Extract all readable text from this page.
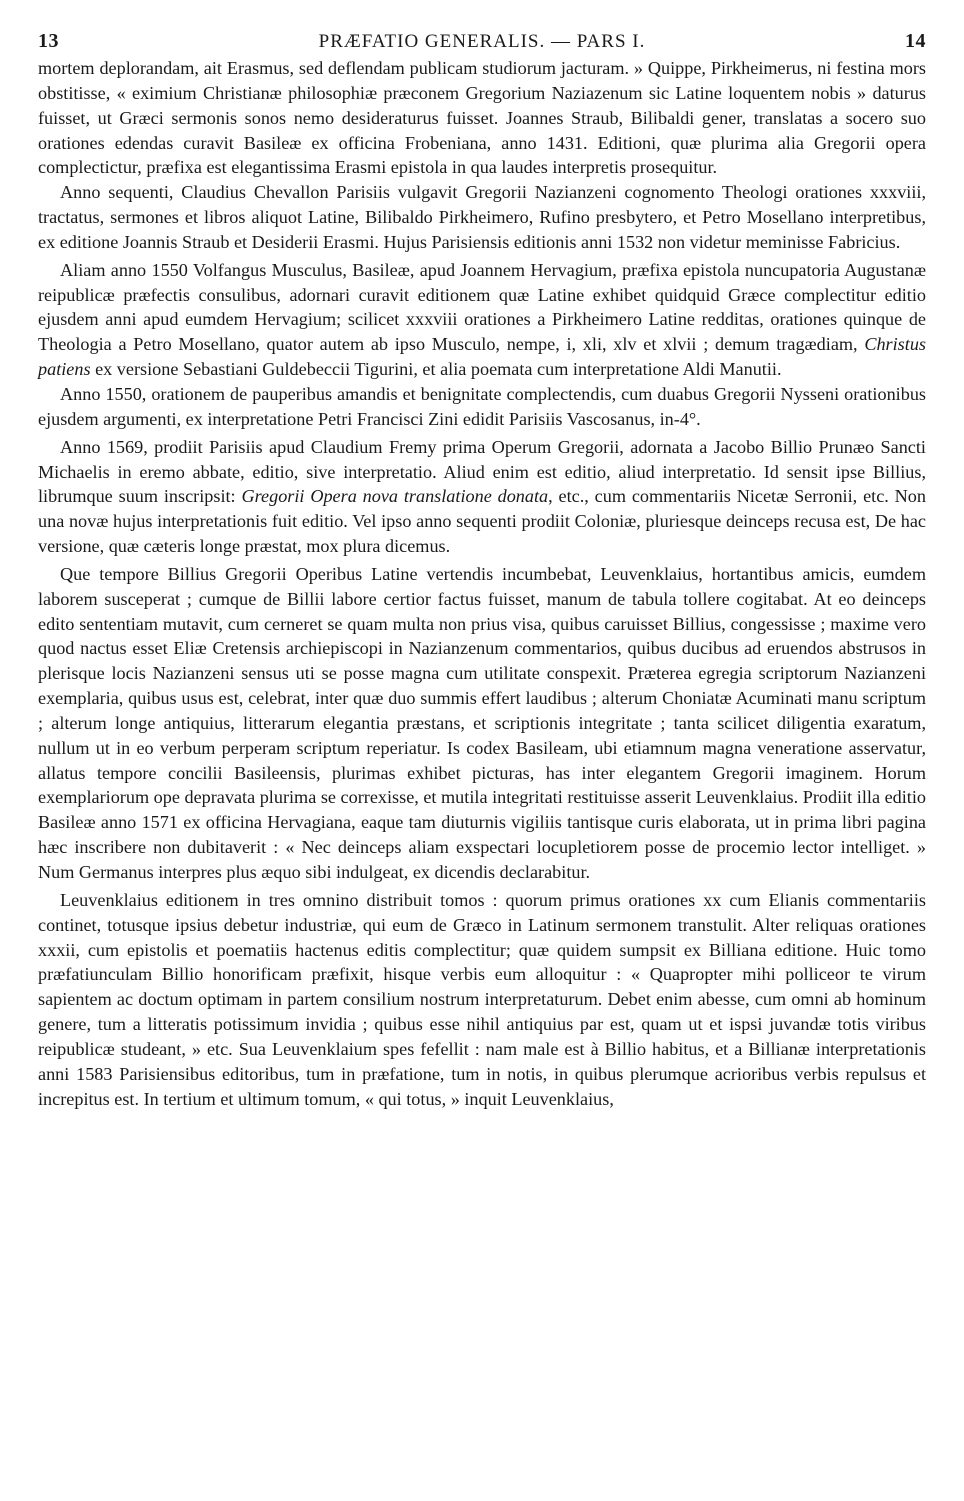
13	PRÆFATIO GENERALIS. — PARS I.	14

mortem deplorandam, ait Erasmus, sed deflendam publicam studiorum jacturam. » Quippe, Pirkheimerus, ni festina mors obstitisse, « eximium Christianæ philosophiæ præconem Gregorium Naziazenum sic Latine loquentem nobis » daturus fuisset, ut Græci sermonis sonos nemo desideraturus fuisset. Joannes Straub, Bilibaldi gener, translatas a socero suo orationes edendas curavit Basileæ ex officina Frobeniana, anno 1431. Editioni, quæ plurima alia Gregorii opera complectictur, præfixa est elegantissima Erasmi epistola in qua laudes interpretis prosequitur.

Anno sequenti, Claudius Chevallon Parisiis vulgavit Gregorii Nazianzeni cognomento Theologi orationes xxxviii, tractatus, sermones et libros aliquot Latine, Bilibaldo Pirkheimero, Rufino presbytero, et Petro Mosellano interpretibus, ex editione Joannis Straub et Desiderii Erasmi. Hujus Parisiensis editionis anni 1532 non videtur meminisse Fabricius.

Aliam anno 1550 Volfangus Musculus, Basileæ, apud Joannem Hervagium, præfixa epistola nuncupatoria Augustanæ reipublicæ præfectis consulibus, adornari curavit editionem quæ Latine exhibet quidquid Græce complectitur editio ejusdem anni apud eumdem Hervagium; scilicet xxxviii orationes a Pirkheimero Latine redditas, orationes quinque de Theologia a Petro Mosellano, quator autem ab ipso Musculo, nempe, i, xli, xlv et xlvii ; demum tragædiam, Christus patiens ex versione Sebastiani Guldebeccii Tigurini, et alia poemata cum interpretatione Aldi Manutii.

Anno 1550, orationem de pauperibus amandis et benignitate complectendis, cum duabus Gregorii Nysseni orationibus ejusdem argumenti, ex interpretatione Petri Francisci Zini edidit Parisiis Vascosanus, in-4°.

Anno 1569, prodiit Parisiis apud Claudium Fremy prima Operum Gregorii, adornata a Jacobo Billio Prunæo Sancti Michaelis in eremo abbate, editio, sive interpretatio. Aliud enim est editio, aliud interpretatio. Id sensit ipse Billius, librumque suum inscripsit: Gregorii Opera nova translatione donata, etc., cum commentariis Nicetæ Serronii, etc. Non una novæ hujus interpretationis fuit editio. Vel ipso anno sequenti prodiit Coloniæ, pluriesque deinceps recusa est, De hac versione, quæ cæteris longe præstat, mox plura dicemus.

Que tempore Billius Gregorii Operibus Latine vertendis incumbebat, Leuvenklaius, hortantibus amicis, eumdem laborem susceperat ; cumque de Billii labore certior factus fuisset, manum de tabula tollere cogitabat. At eo deinceps edito sententiam mutavit, cum cerneret se quam multa non prius visa, quibus caruisset Billius, congessisse ; maxime vero quod nactus esset Eliæ Cretensis archiepiscopi in Nazianzenum commentarios, quibus ducibus ad eruendos abstrusos in plerisque locis Nazianzeni sensus uti se posse magna cum utilitate conspexit. Præterea egregia scriptorum Nazianzeni exemplaria, quibus usus est, celebrat, inter quæ duo summis effert laudibus ; alterum Choniatæ Acuminati manu scriptum ; alterum longe antiquius, litterarum elegantia præstans, et scriptionis integritate ; tanta scilicet diligentia exaratum, nullum ut in eo verbum perperam scriptum reperiatur. Is codex Basileam, ubi etiamnum magna veneratione asservatur, allatus tempore concilii Basileensis, plurimas exhibet picturas, has inter elegantem Gregorii imaginem. Horum exemplariorum ope depravata plurima se correxisse, et mutila integritati restituisse asserit Leuvenklaius. Prodiit illa editio Basileæ anno 1571 ex officina Hervagiana, eaque tam diuturnis vigiliis tantisque curis elaborata, ut in prima libri pagina hæc inscribere non dubitaverit : « Nec deinceps aliam exspectari locupletiorem posse de procemio lector intelliget. » Num Germanus interpres plus æquo sibi indulgeat, ex dicendis declarabitur.

Leuvenklaius editionem in tres omnino distribuit tomos : quorum primus orationes xx cum Elianis commentariis continet, totusque ipsius debetur industriæ, qui eum de Græco in Latinum sermonem transtulit. Alter reliquas orationes xxxii, cum epistolis et poematiis hactenus editis complectitur; quæ quidem sumpsit ex Billiana editione. Huic tomo præfatiunculam Billio honorificam præfixit, hisque verbis eum alloquitur : « Quapropter mihi polliceor te virum sapientem ac doctum optimam in partem consilium nostrum interpretaturum. Debet enim abesse, cum omni ab hominum genere, tum a litteratis potissimum invidia ; quibus esse nihil antiquius par est, quam ut et ispsi juvandæ totis viribus reipublicæ studeant, » etc. Sua Leuvenklaium spes fefellit : nam male est à Billio habitus, et a Billianæ interpretationis anni 1583 Parisiensibus editoribus, tum in præfatione, tum in notis, in quibus plerumque acrioribus verbis repulsus et increpitus est. In tertium et ultimum tomum, « qui totus, » inquit Leuvenklaius,
